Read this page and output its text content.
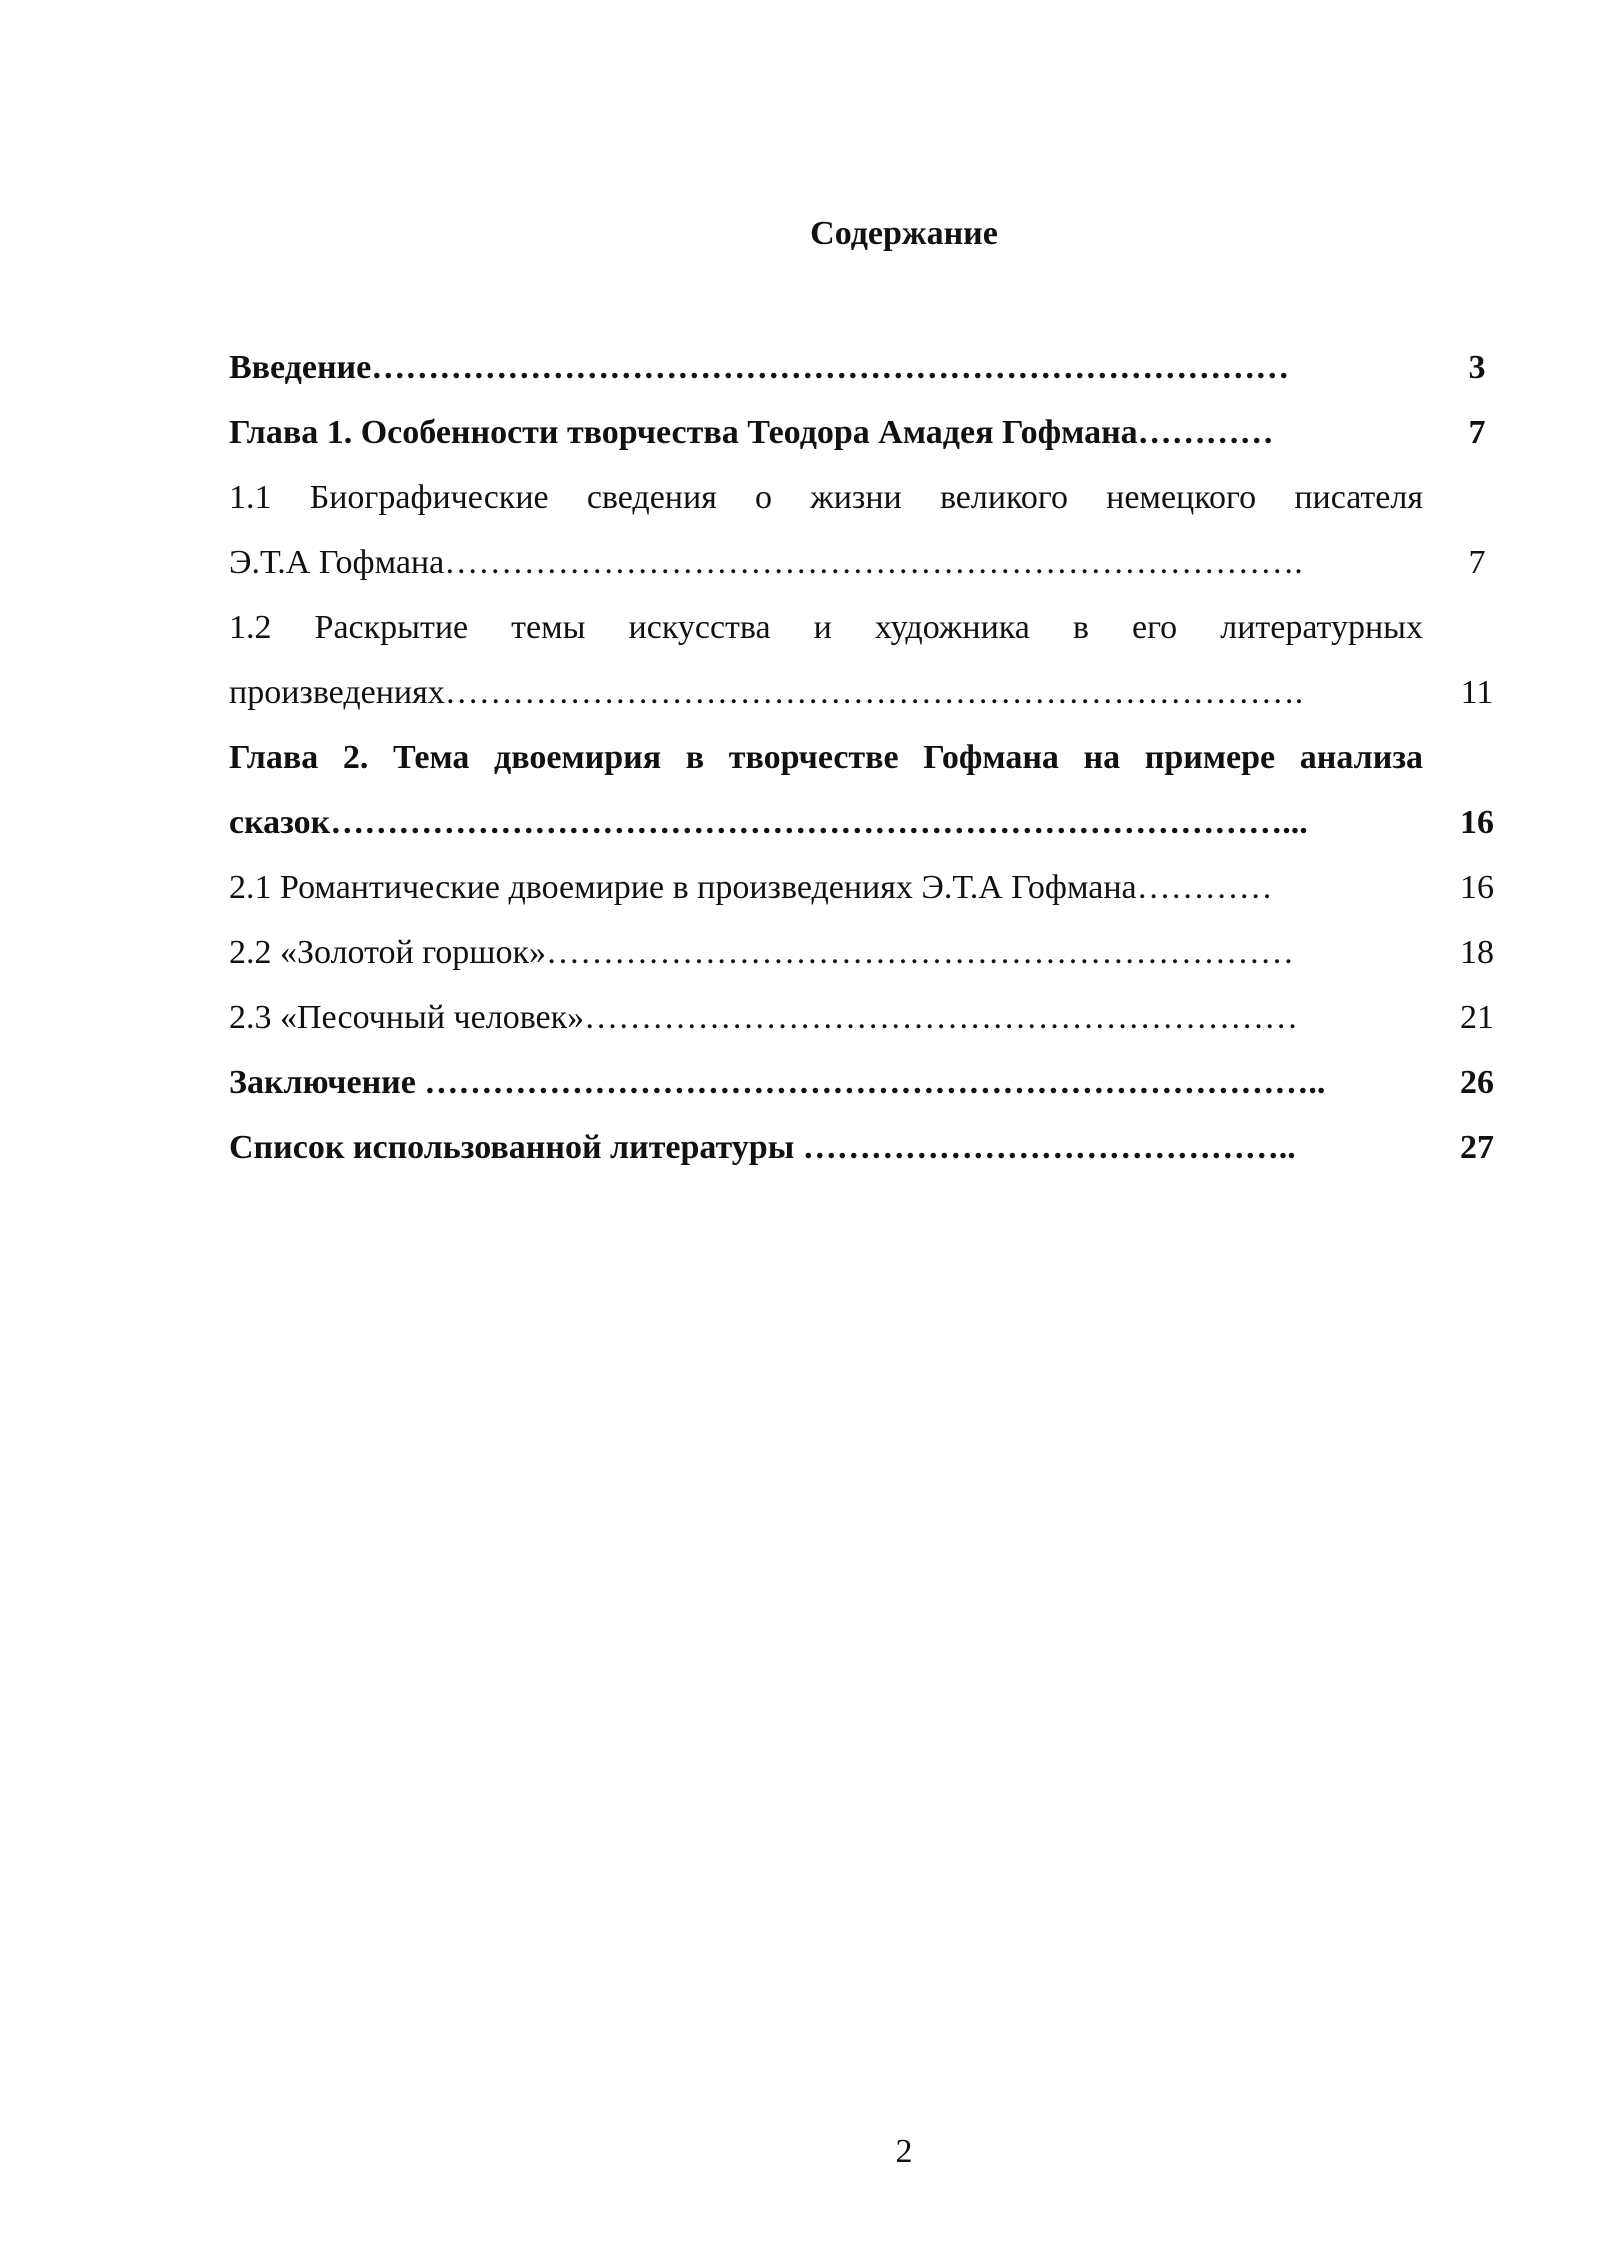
Содержание
Введение………………………………………………………………………	3
Глава 1. Особенности творчества Теодора Амадея Гофмана…………	7
1.1 Биографические сведения о жизни великого немецкого писателя
Э.Т.А Гофмана………………………………………………………………….	7
1.2 Раскрытие темы искусства и художника в его литературных
произведениях………………………………………………………………….	11
Глава 2. Тема двоемирия в творчестве Гофмана на примере анализа
сказок…………………………………………………………………………...	16
2.1 Романтические двоемирие в произведениях Э.Т.А Гофмана…………	16
2.2 «Золотой горшок»…………………………………………………………	18
2.3 «Песочный человек»………………………………………………………	21
Заключение ……………………………………………………………………..	26
Список использованной литературы ……………………………………..	27
2
